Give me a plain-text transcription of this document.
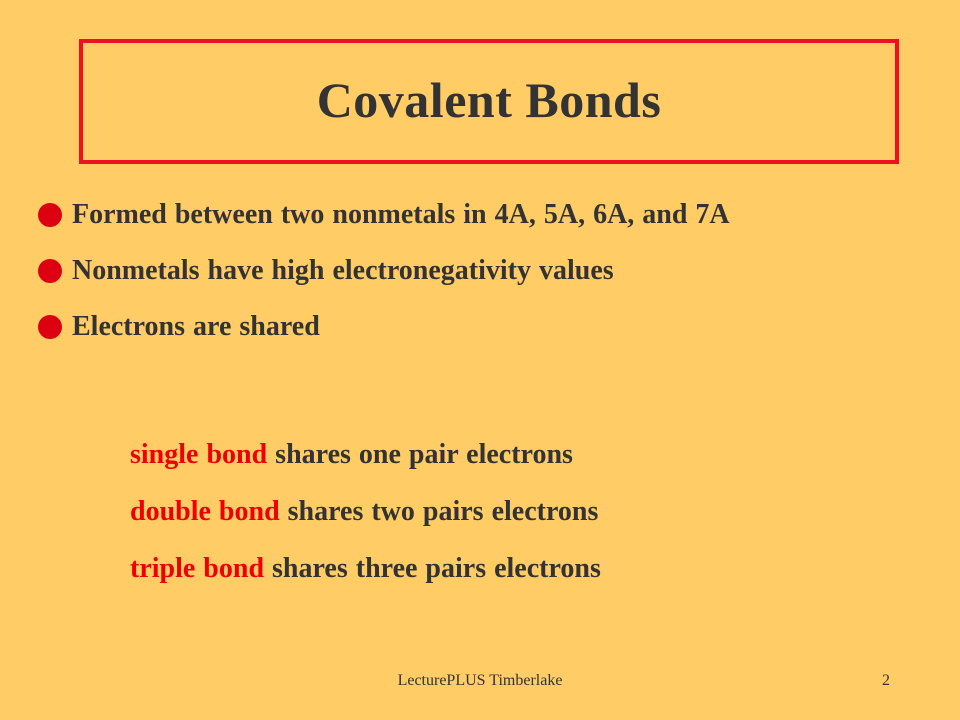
Covalent Bonds
Formed between two nonmetals in 4A, 5A, 6A, and 7A
Nonmetals have high electronegativity values
Electrons are shared
single bond shares one pair electrons
double bond shares two pairs electrons
triple bond shares three pairs electrons
LecturePLUS Timberlake	2
